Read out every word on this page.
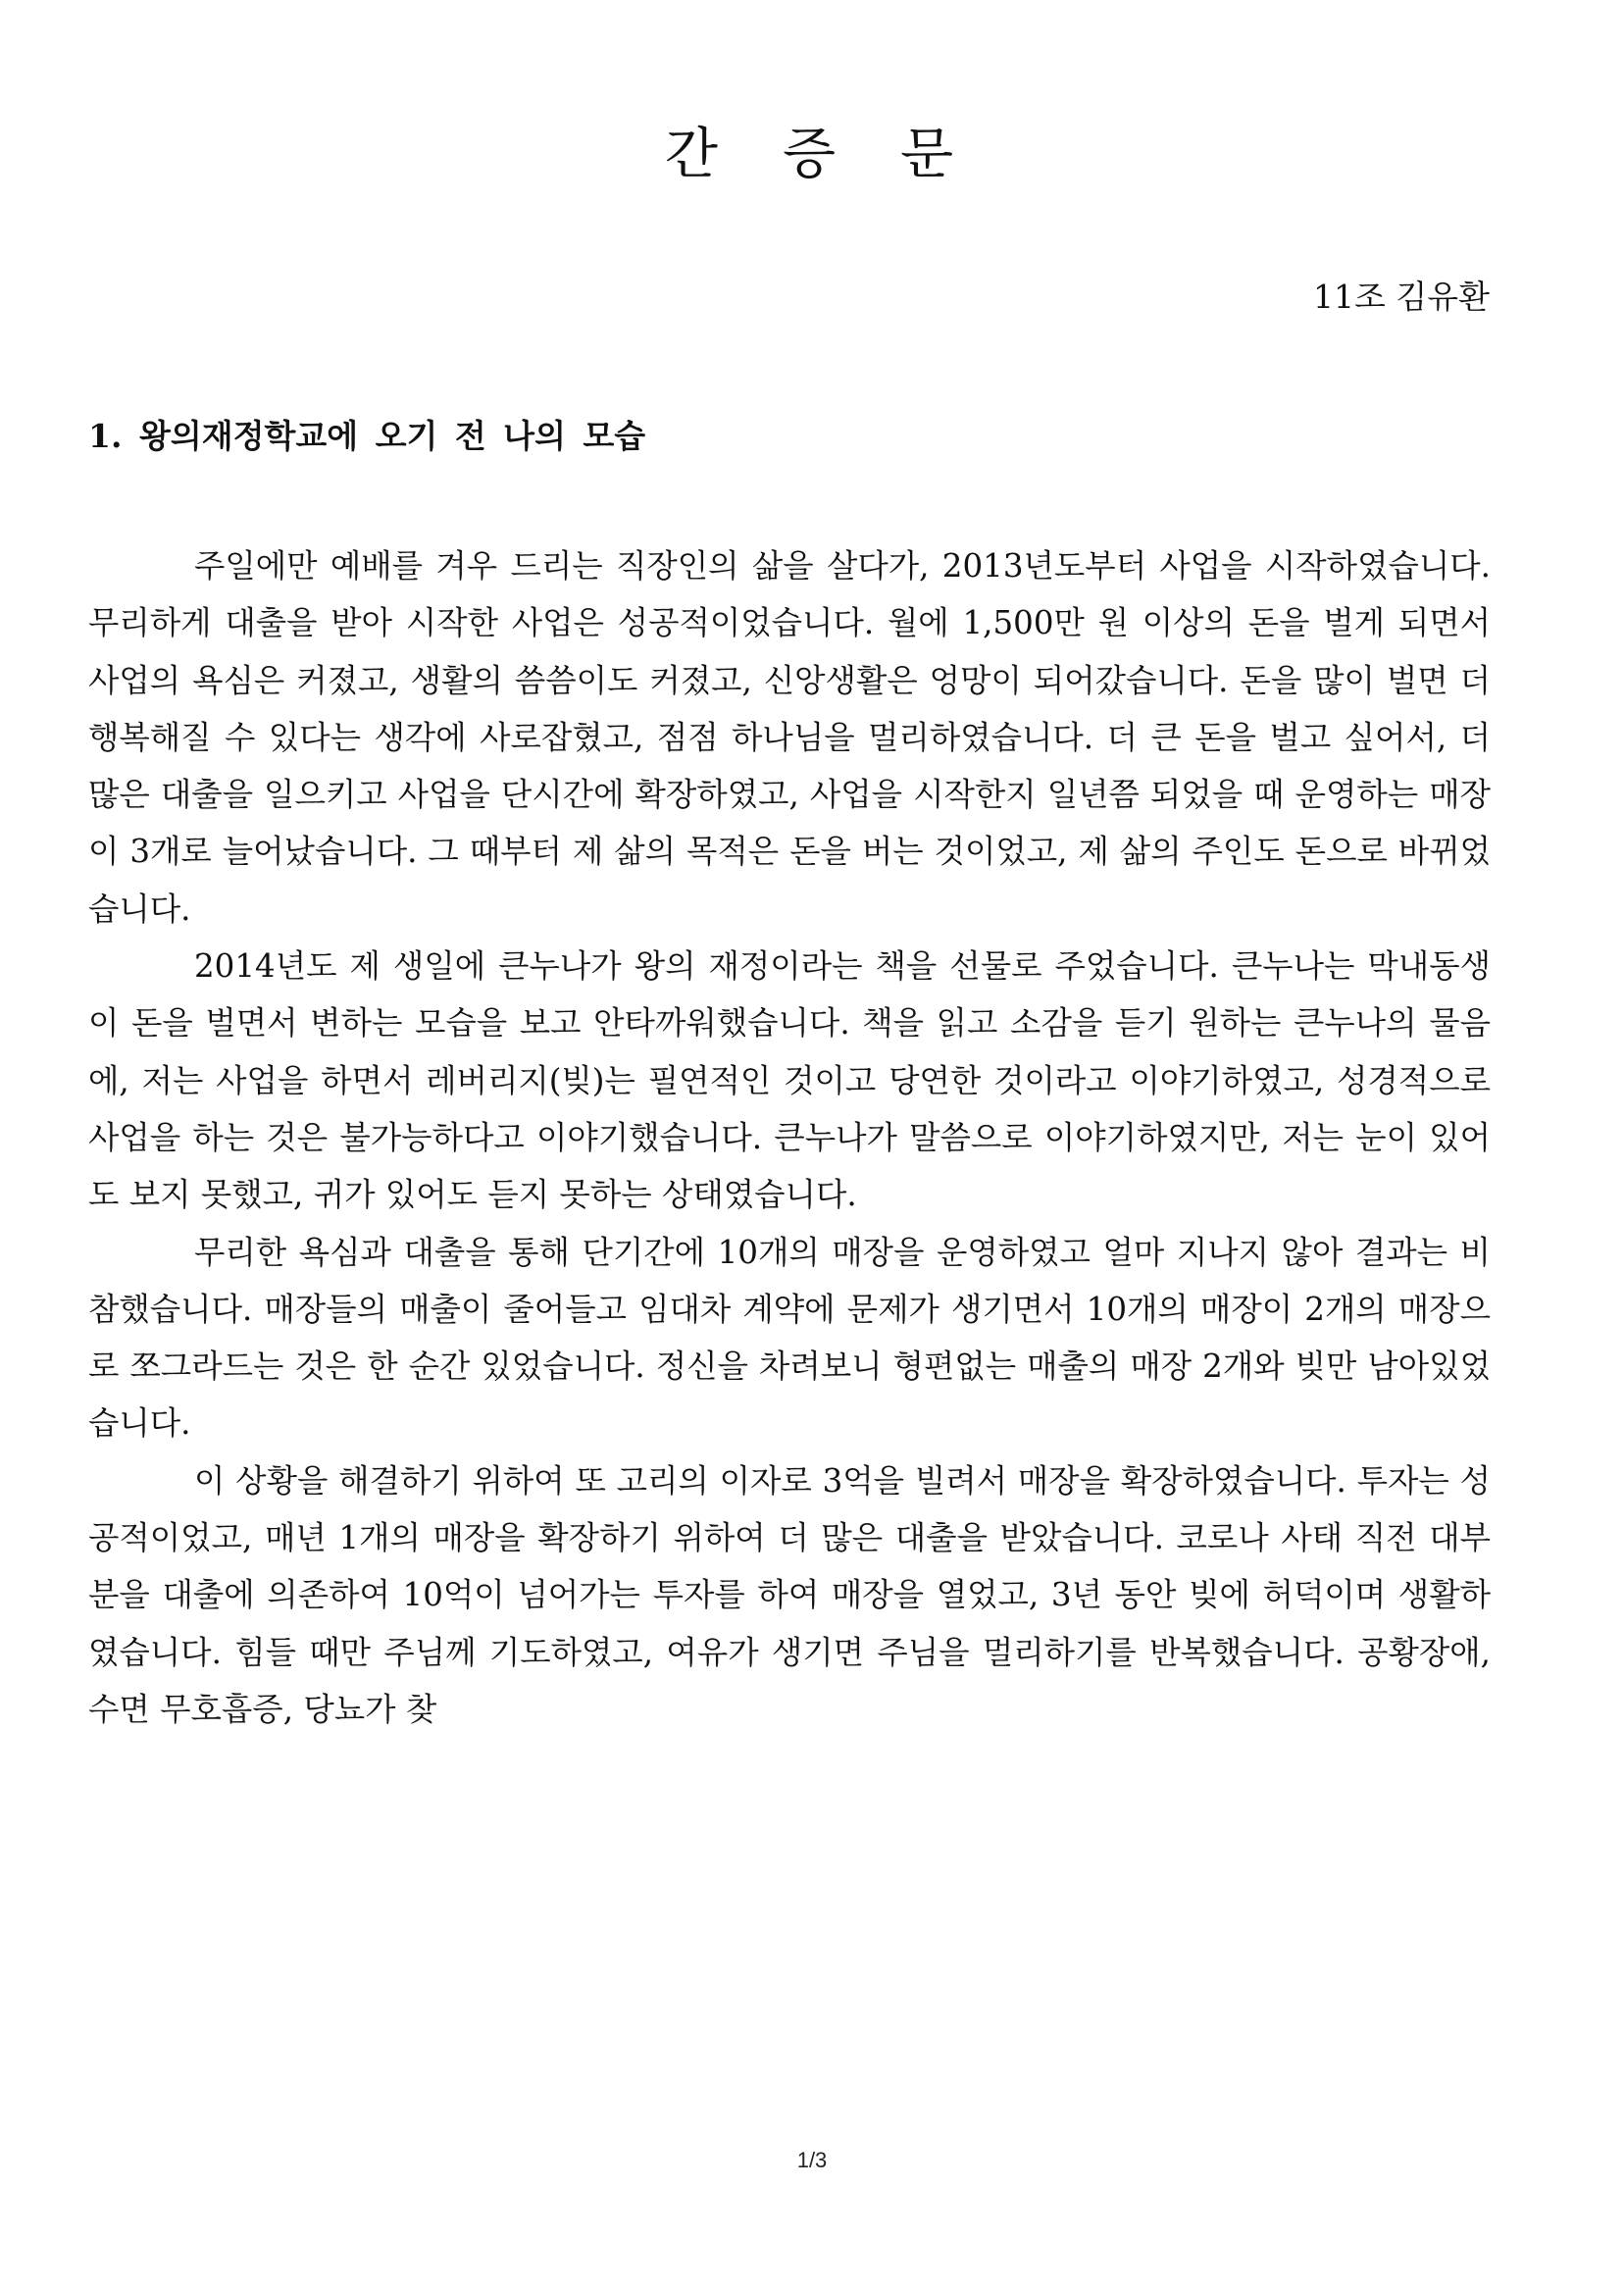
간 증 문

11조 김유환

1. 왕의재정학교에 오기 전 나의 모습

주일에만 예배를 겨우 드리는 직장인의 삶을 살다가, 2013년도부터 사업을 시작하였습니다. 무리하게 대출을 받아 시작한 사업은 성공적이었습니다. 월에 1,500만 원 이상의 돈을 벌게 되면서 사업의 욕심은 커졌고, 생활의 씀씀이도 커졌고, 신앙생활은 엉망이 되어갔습니다. 돈을 많이 벌면 더 행복해질 수 있다는 생각에 사로잡혔고, 점점 하나님을 멀리하였습니다. 더 큰 돈을 벌고 싶어서, 더 많은 대출을 일으키고 사업을 단시간에 확장하였고, 사업을 시작한지 일년쯤 되었을 때 운영하는 매장이 3개로 늘어났습니다. 그 때부터 제 삶의 목적은 돈을 버는 것이었고, 제 삶의 주인도 돈으로 바뀌었습니다.

2014년도 제 생일에 큰누나가 왕의 재정이라는 책을 선물로 주었습니다. 큰누나는 막내동생이 돈을 벌면서 변하는 모습을 보고 안타까워했습니다. 책을 읽고 소감을 듣기 원하는 큰누나의 물음에, 저는 사업을 하면서 레버리지(빚)는 필연적인 것이고 당연한 것이라고 이야기하였고, 성경적으로 사업을 하는 것은 불가능하다고 이야기했습니다. 큰누나가 말씀으로 이야기하였지만, 저는 눈이 있어도 보지 못했고, 귀가 있어도 듣지 못하는 상태였습니다.

무리한 욕심과 대출을 통해 단기간에 10개의 매장을 운영하였고 얼마 지나지 않아 결과는 비참했습니다. 매장들의 매출이 줄어들고 임대차 계약에 문제가 생기면서 10개의 매장이 2개의 매장으로 쪼그라드는 것은 한 순간 있었습니다. 정신을 차려보니 형편없는 매출의 매장 2개와 빚만 남아있었습니다.

이 상황을 해결하기 위하여 또 고리의 이자로 3억을 빌려서 매장을 확장하였습니다. 투자는 성공적이었고, 매년 1개의 매장을 확장하기 위하여 더 많은 대출을 받았습니다. 코로나 사태 직전 대부분을 대출에 의존하여 10억이 넘어가는 투자를 하여 매장을 열었고, 3년 동안 빚에 허덕이며 생활하였습니다. 힘들 때만 주님께 기도하였고, 여유가 생기면 주님을 멀리하기를 반복했습니다. 공황장애, 수면 무호흡증, 당뇨가 찾

1/3
